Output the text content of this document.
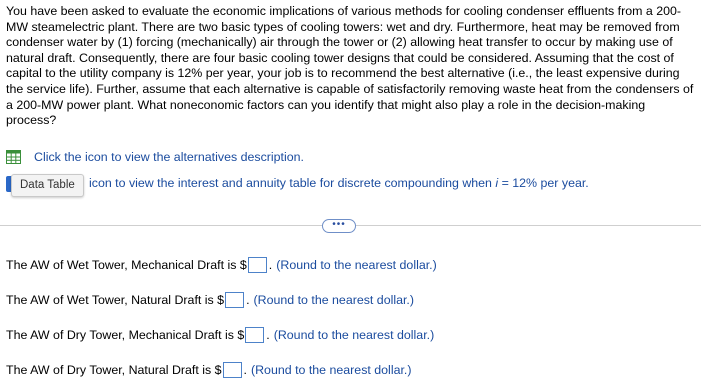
You have been asked to evaluate the economic implications of various methods for cooling condenser effluents from a 200-MW steamelectric plant. There are two basic types of cooling towers: wet and dry. Furthermore, heat may be removed from condenser water by (1) forcing (mechanically) air through the tower or (2) allowing heat transfer to occur by making use of natural draft. Consequently, there are four basic cooling tower designs that could be considered. Assuming that the cost of capital to the utility company is 12% per year, your job is to recommend the best alternative (i.e., the least expensive during the service life). Further, assume that each alternative is capable of satisfactorily removing waste heat from the condensers of a 200-MW power plant. What noneconomic factors can you identify that might also play a role in the decision-making process?

Click the icon to view the alternatives description.
Data Table	icon to view the interest and annuity table for discrete compounding when i = 12% per year.
•••
The AW of Wet Tower, Mechanical Draft is $ . (Round to the nearest dollar.)
The AW of Wet Tower, Natural Draft is $ . (Round to the nearest dollar.)
The AW of Dry Tower, Mechanical Draft is $ . (Round to the nearest dollar.)
The AW of Dry Tower, Natural Draft is $ . (Round to the nearest dollar.)
